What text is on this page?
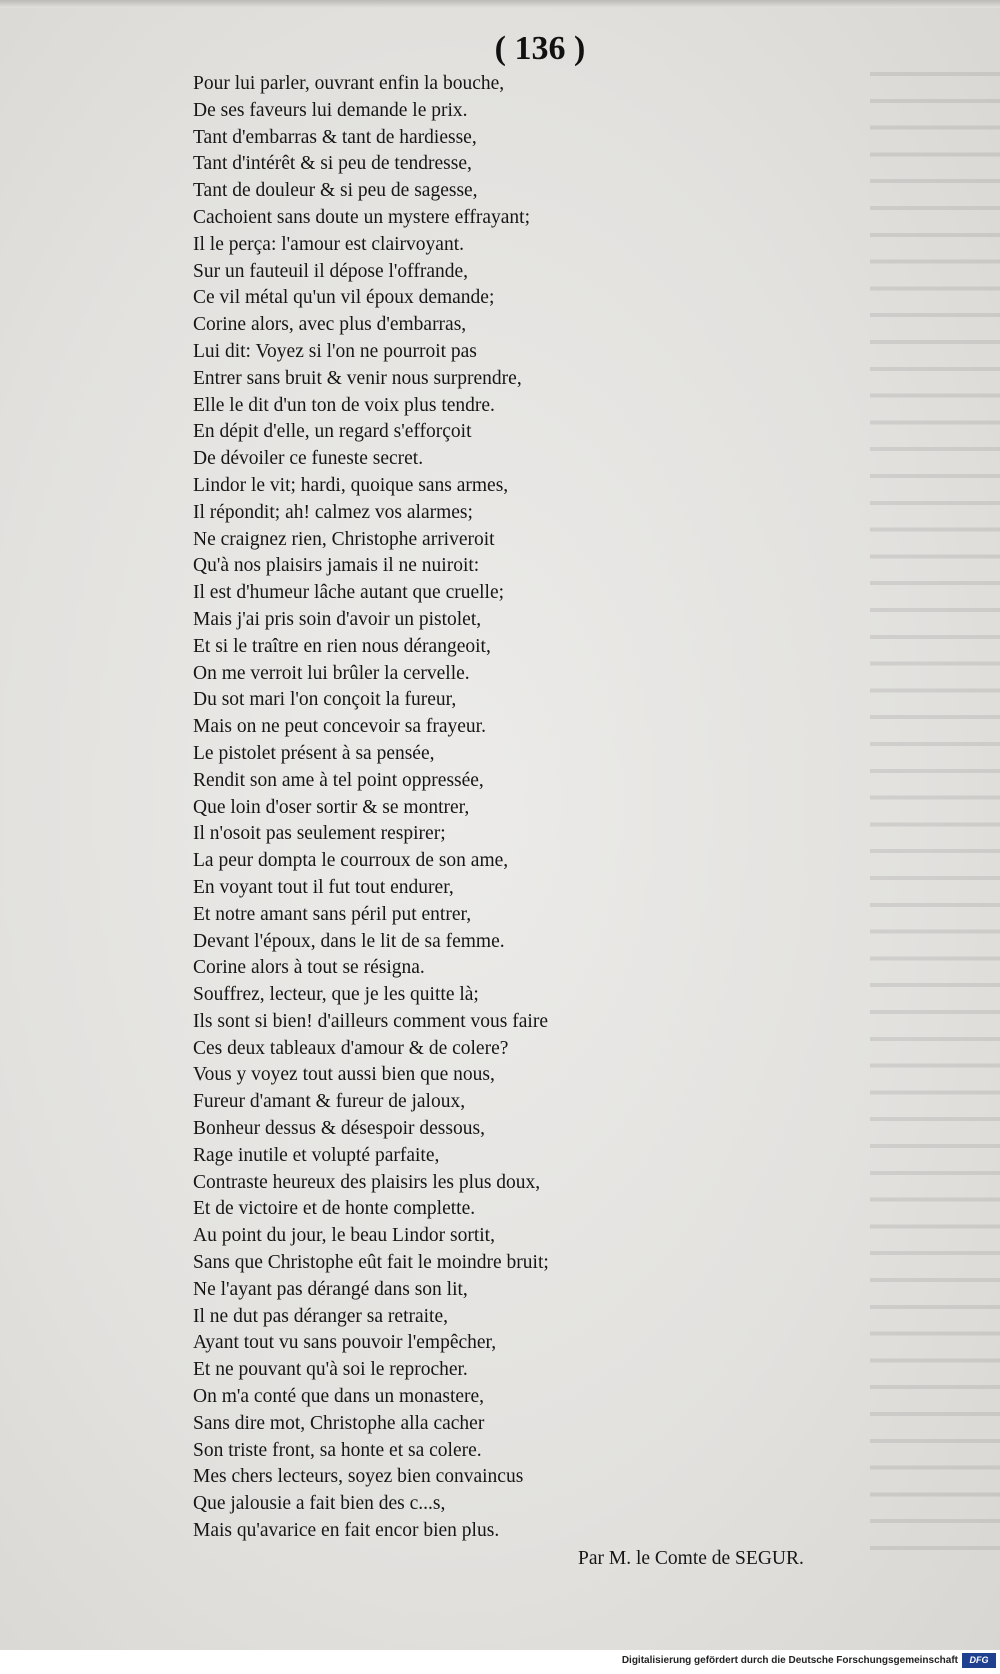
( 136 )
Pour lui parler, ouvrant enfin la bouche,
De ses faveurs lui demande le prix.
Tant d'embarras & tant de hardiesse,
Tant d'intérêt & si peu de tendresse,
Tant de douleur & si peu de sagesse,
Cachoient sans doute un mystere effrayant;
Il le perça: l'amour est clairvoyant.
Sur un fauteuil il dépose l'offrande,
Ce vil métal qu'un vil époux demande;
Corine alors, avec plus d'embarras,
Lui dit: Voyez si l'on ne pourroit pas
Entrer sans bruit & venir nous surprendre,
Elle le dit d'un ton de voix plus tendre.
En dépit d'elle, un regard s'efforçoit
De dévoiler ce funeste secret.
Lindor le vit; hardi, quoique sans armes,
Il répondit; ah! calmez vos alarmes;
Ne craignez rien, Christophe arriveroit
Qu'à nos plaisirs jamais il ne nuiroit:
Il est d'humeur lâche autant que cruelle;
Mais j'ai pris soin d'avoir un pistolet,
Et si le traître en rien nous dérangeoit,
On me verroit lui brûler la cervelle.
Du sot mari l'on conçoit la fureur,
Mais on ne peut concevoir sa frayeur.
Le pistolet présent à sa pensée,
Rendit son ame à tel point oppressée,
Que loin d'oser sortir & se montrer,
Il n'osoit pas seulement respirer;
La peur dompta le courroux de son ame,
En voyant tout il fut tout endurer,
Et notre amant sans péril put entrer,
Devant l'époux, dans le lit de sa femme.
Corine alors à tout se résigna.
Souffrez, lecteur, que je les quitte là;
Ils sont si bien! d'ailleurs comment vous faire
Ces deux tableaux d'amour & de colere?
Vous y voyez tout aussi bien que nous,
Fureur d'amant & fureur de jaloux,
Bonheur dessus & désespoir dessous,
Rage inutile et volupté parfaite,
Contraste heureux des plaisirs les plus doux,
Et de victoire et de honte complette.
Au point du jour, le beau Lindor sortit,
Sans que Christophe eût fait le moindre bruit;
Ne l'ayant pas dérangé dans son lit,
Il ne dut pas déranger sa retraite,
Ayant tout vu sans pouvoir l'empêcher,
Et ne pouvant qu'à soi le reprocher.
On m'a conté que dans un monastere,
Sans dire mot, Christophe alla cacher
Son triste front, sa honte et sa colere.
Mes chers lecteurs, soyez bien convaincus
Que jalousie a fait bien des c...s,
Mais qu'avarice en fait encor bien plus.
Par M. le Comte de SEGUR.
Digitalisierung gefördert durch die Deutsche Forschungsgemeinschaft	DFG
